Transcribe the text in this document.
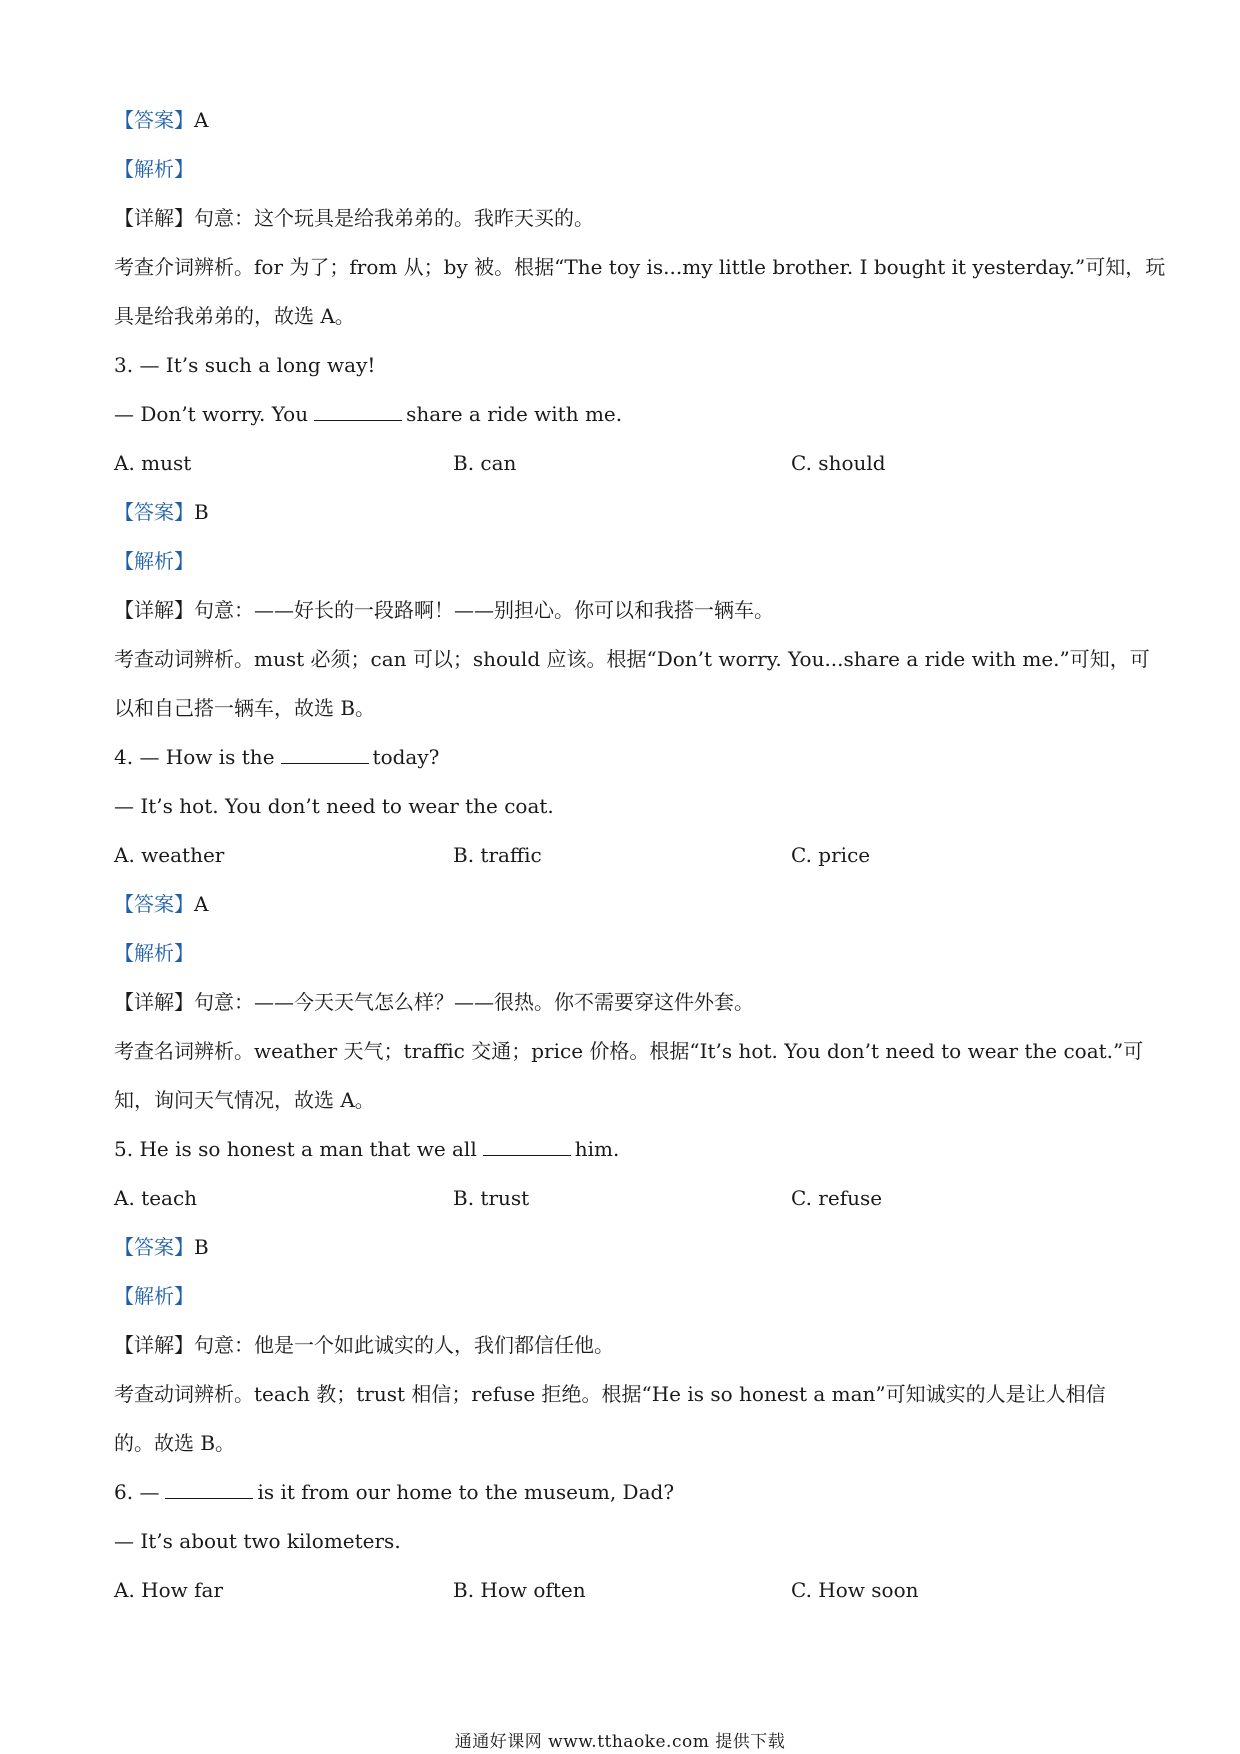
【答案】A
【解析】
【详解】句意：这个玩具是给我弟弟的。我昨天买的。
考查介词辨析。for 为了；from 从；by 被。根据“The toy is...my little brother. I bought it yesterday.”可知，玩
具是给我弟弟的，故选 A。
3. — It’s such a long way!
— Don’t worry. You	share a ride with me.
A. must	B. can	C. should
【答案】B
【解析】
【详解】句意：——好长的一段路啊！——别担心。你可以和我搭一辆车。
考查动词辨析。must 必须；can 可以；should 应该。根据“Don’t worry. You...share a ride with me.”可知，可
以和自己搭一辆车，故选 B。
4. — How is the	today?
— It’s hot. You don’t need to wear the coat.
A. weather	B. traffic	C. price
【答案】A
【解析】
【详解】句意：——今天天气怎么样？——很热。你不需要穿这件外套。
考查名词辨析。weather 天气；traffic 交通；price 价格。根据“It’s hot. You don’t need to wear the coat.”可
知，询问天气情况，故选 A。
5. He is so honest a man that we all	him.
A. teach	B. trust	C. refuse
【答案】B
【解析】
【详解】句意：他是一个如此诚实的人，我们都信任他。
考查动词辨析。teach 教；trust 相信；refuse 拒绝。根据“He is so honest a man”可知诚实的人是让人相信
的。故选 B。
6. —	is it from our home to the museum, Dad?
— It’s about two kilometers.
A. How far	B. How often	C. How soon
通通好课网 www.tthaoke.com 提供下载
